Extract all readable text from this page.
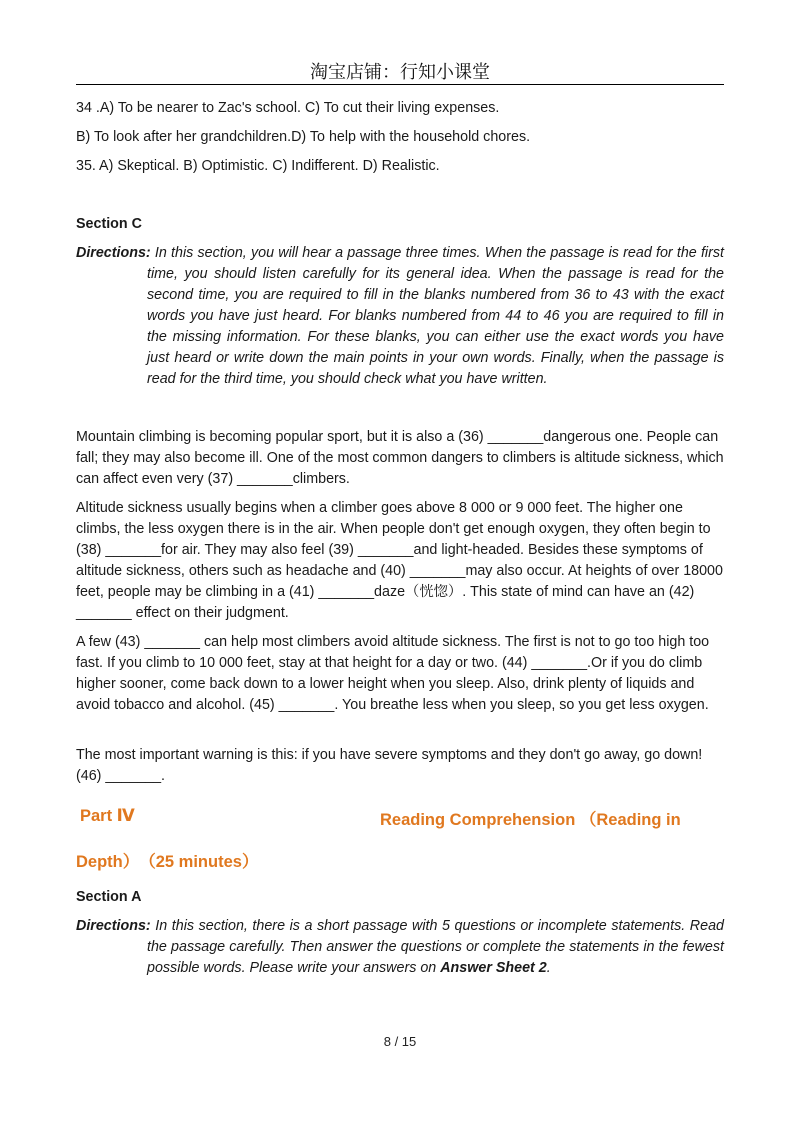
淘宝店铺：行知小课堂
34 .A) To be nearer to Zac's school. C) To cut their living expenses.
B) To look after her grandchildren.D) To help with the household chores.
35. A) Skeptical. B) Optimistic. C) Indifferent. D) Realistic.
Section C
Directions: In this section, you will hear a passage three times. When the passage is read for the first time, you should listen carefully for its general idea. When the passage is read for the second time, you are required to fill in the blanks numbered from 36 to 43 with the exact words you have just heard. For blanks numbered from 44 to 46 you are required to fill in the missing information. For these blanks, you can either use the exact words you have just heard or write down the main points in your own words. Finally, when the passage is read for the third time, you should check what you have written.
Mountain climbing is becoming popular sport, but it is also a (36) _______dangerous one. People can fall; they may also become ill. One of the most common dangers to climbers is altitude sickness, which can affect even very (37) _______climbers.
Altitude sickness usually begins when a climber goes above 8 000 or 9 000 feet. The higher one climbs, the less oxygen there is in the air. When people don't get enough oxygen, they often begin to (38) _______for air. They may also feel (39) _______and light-headed. Besides these symptoms of altitude sickness, others such as headache and (40) _______may also occur. At heights of over 18000 feet, people may be climbing in a (41) _______daze（恍惚）. This state of mind can have an (42) _______ effect on their judgment.
A few (43) _______ can help most climbers avoid altitude sickness. The first is not to go too high too fast. If you climb to 10 000 feet, stay at that height for a day or two. (44) _______.Or if you do climb higher sooner, come back down to a lower height when you sleep. Also, drink plenty of liquids and avoid tobacco and alcohol. (45) _______. You breathe less when you sleep, so you get less oxygen.
The most important warning is this: if you have severe symptoms and they don't go away, go down! (46) _______.
Part Ⅳ	Reading Comprehension （Reading in
Depth）　（25 minutes）
Section A
Directions: In this section, there is a short passage with 5 questions or incomplete statements. Read the passage carefully. Then answer the questions or complete the statements in the fewest possible words. Please write your answers on Answer Sheet 2.
8 / 15
